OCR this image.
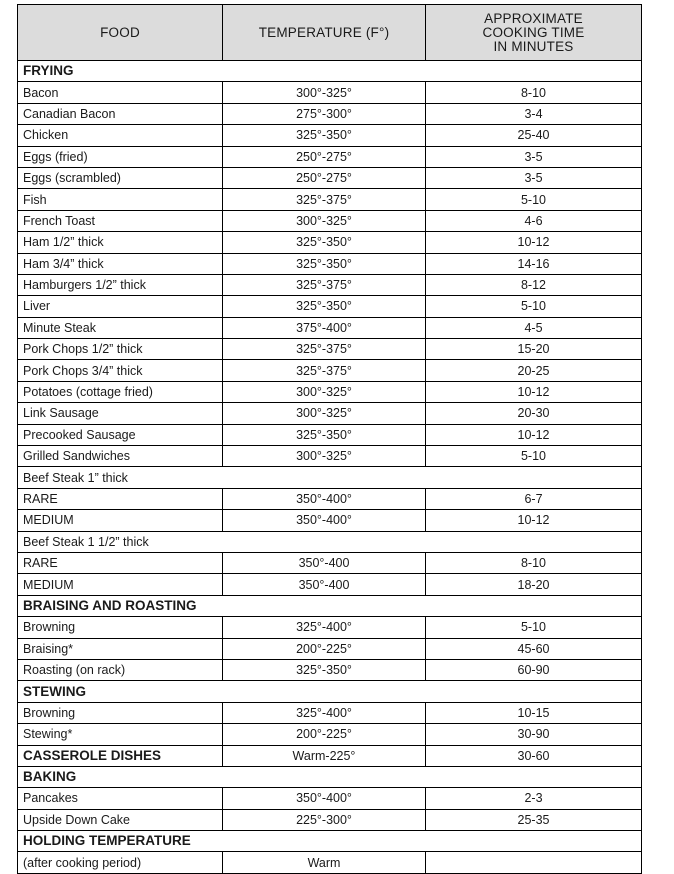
FOOD	TEMPERATURE (F°)	APPROXIMATE
COOKING TIME
IN MINUTES

FRYING		
Bacon	300°-325°	8-10
Canadian Bacon	275°-300°	3-4
Chicken	325°-350°	25-40
Eggs (fried)	250°-275°	3-5
Eggs (scrambled)	250°-275°	3-5
Fish	325°-375°	5-10
French Toast	300°-325°	4-6
Ham 1/2” thick	325°-350°	10-12
Ham 3/4” thick	325°-350°	14-16
Hamburgers 1/2” thick	325°-375°	8-12
Liver	325°-350°	5-10
Minute Steak	375°-400°	4-5
Pork Chops 1/2” thick	325°-375°	15-20
Pork Chops 3/4” thick	325°-375°	20-25
Potatoes (cottage fried)	300°-325°	10-12
Link Sausage	300°-325°	20-30
Precooked Sausage	325°-350°	10-12
Grilled Sandwiches	300°-325°	5-10
Beef Steak 1” thick		
RARE	350°-400°	6-7
MEDIUM	350°-400°	10-12
Beef Steak 1 1/2” thick		
RARE	350°-400	8-10
MEDIUM	350°-400	18-20
BRAISING AND ROASTING		
Browning	325°-400°	5-10
Braising*	200°-225°	45-60
Roasting (on rack)	325°-350°	60-90
STEWING		
Browning	325°-400°	10-15
Stewing*	200°-225°	30-90
CASSEROLE DISHES	Warm-225°	30-60
BAKING		
Pancakes	350°-400°	2-3
Upside Down Cake	225°-300°	25-35
HOLDING TEMPERATURE		
(after cooking period)	Warm	
